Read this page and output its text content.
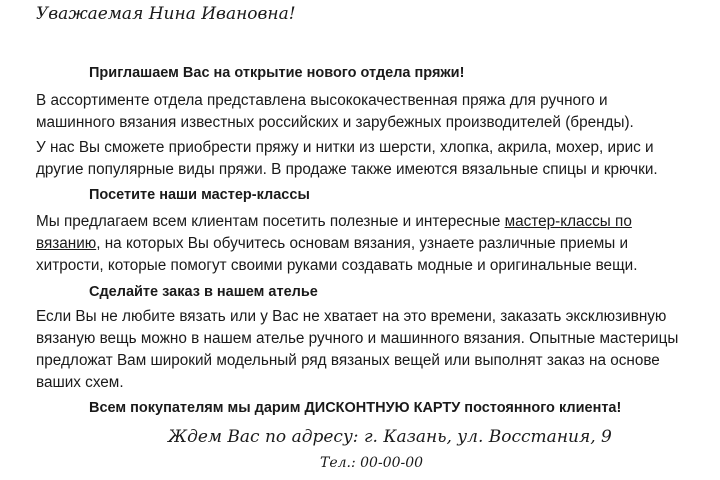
Уважаемая Нина Ивановна!
Приглашаем Вас на открытие нового отдела пряжи!

В ассортименте отдела представлена высококачественная пряжа для ручного и
машинного вязания известных российских и зарубежных производителей (бренды).

У нас Вы сможете приобрести пряжу и нитки из шерсти, хлопка, акрила, мохер, ирис и
другие популярные виды пряжи. В продаже также имеются вязальные спицы и крючки.

Посетите наши мастер-классы

Мы предлагаем всем клиентам посетить полезные и интересные мастер-классы по
вязанию, на которых Вы обучитесь основам вязания, узнаете различные приемы и
хитрости, которые помогут своими руками создавать модные и оригинальные вещи.

Сделайте заказ в нашем ателье

Если Вы не любите вязать или у Вас не хватает на это времени, заказать эксклюзивную
вязаную вещь можно в нашем ателье ручного и машинного вязания. Опытные мастерицы
предложат Вам широкий модельный ряд вязаных вещей или выполнят заказ на основе
ваших схем.

Всем покупателям мы дарим ДИСКОНТНУЮ КАРТУ постоянного клиента!
Ждем Вас по адресу: г. Казань, ул. Восстания, 9
Тел.: 00-00-00
